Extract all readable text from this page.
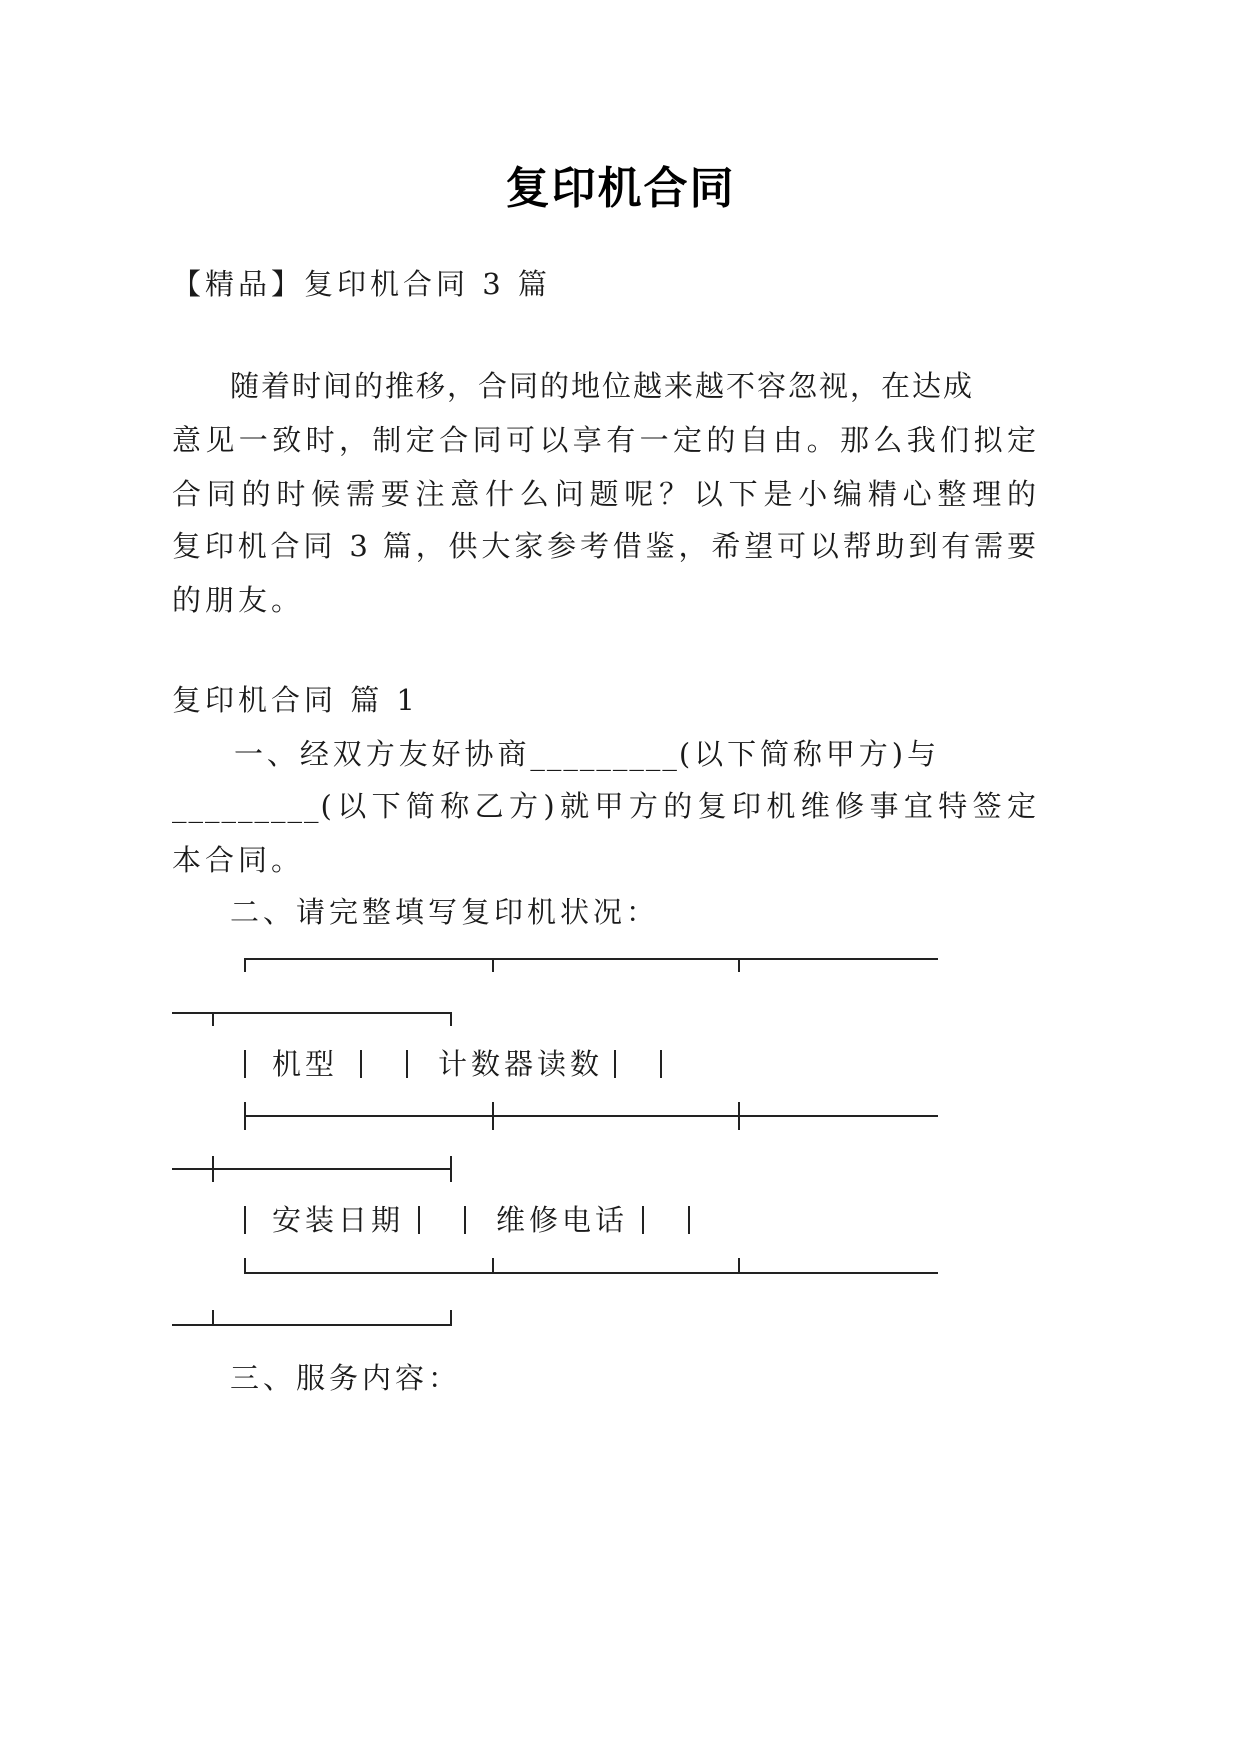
复印机合同
【精品】复印机合同 3 篇
随着时间的推移，合同的地位越来越不容忽视，在达成
意见一致时，制定合同可以享有一定的自由。那么我们拟定
合同的时候需要注意什么问题呢？以下是小编精心整理的
复印机合同 3 篇，供大家参考借鉴，希望可以帮助到有需要
的朋友。
复印机合同 篇 1
一、经双方友好协商_________(以下简称甲方)与
_________(以下简称乙方)就甲方的复印机维修事宜特签定
本合同。
二、请完整填写复印机状况：
机型	计数器读数
安装日期	维修电话
三、服务内容：
